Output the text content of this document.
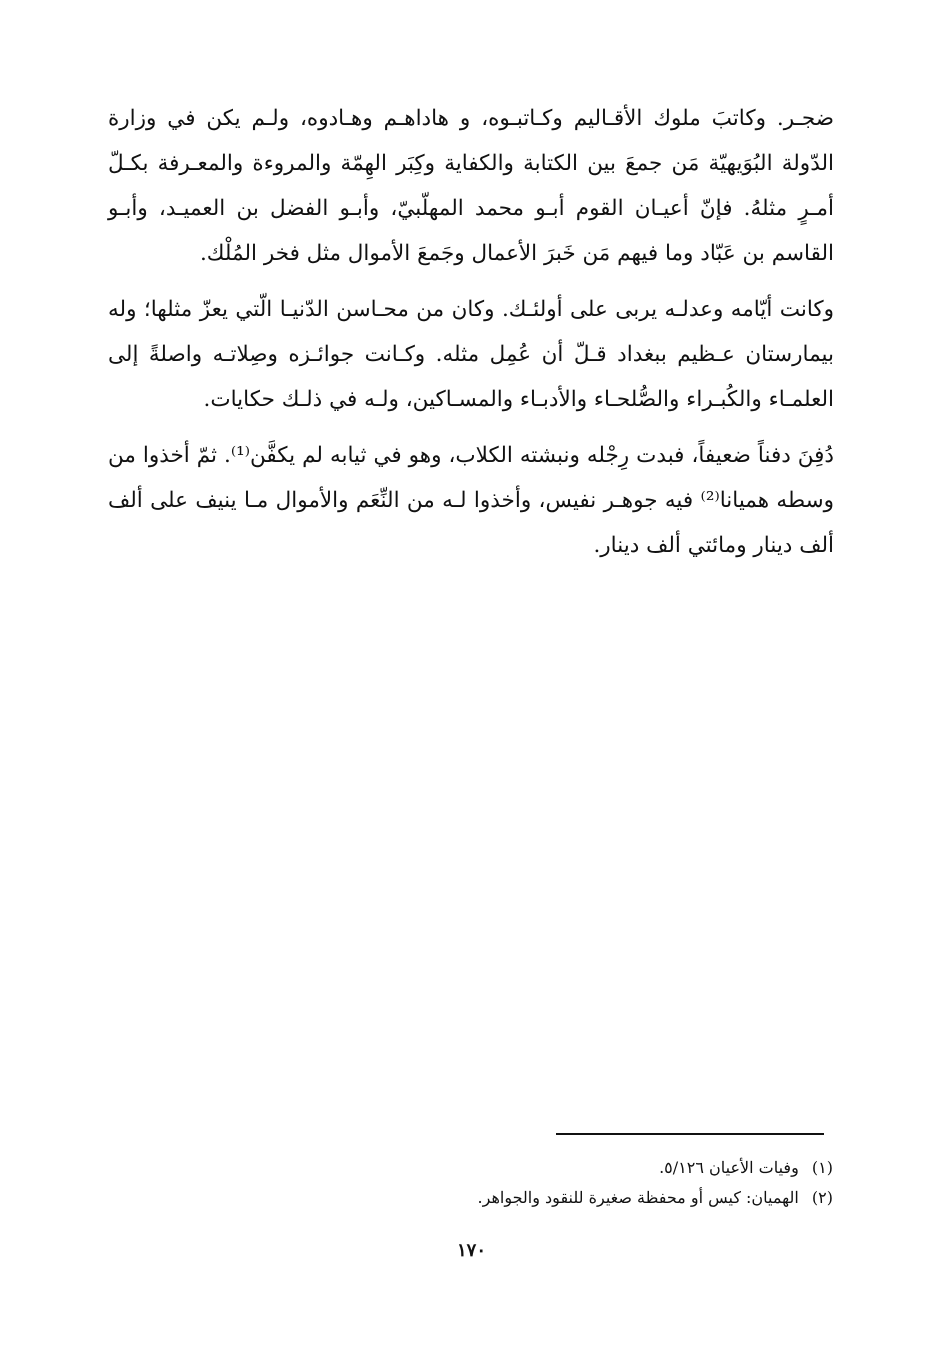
ضجـر. وكاتبَ ملوك الأقـاليم وكـاتبـوه، و هاداهـم وهـادوه، ولـم يكن في وزارة الدّولة البُوَيهيّة مَن جمعَ بين الكتابة والكفاية وكِبَر الهِمّة والمروءة والمعـرفة بكـلّ أمـرٍ مثلهُ. فإنّ أعيـان القوم أبـو محمد المهلّبيّ، وأبـو الفضل بن العميـد، وأبـو القاسم بن عَبّاد وما فيهم مَن خَبرَ الأعمال وجَمعَ الأموال مثل فخر المُلْك.

وكانت أيّامه وعدلـه يربى على أولئـك. وكان من محـاسن الدّنيـا الّتي يعزّ مثلها؛ وله بيمارستان عـظيم ببغداد قـلّ أن عُمِل مثله. وكـانت جوائـزه وصِلاتـه واصلةً إلى العلمـاء والكُبـراء والصُّلحـاء والأدبـاء والمسـاكين، ولـه في ذلـك حكايات.

دُفِنَ دفناً ضعيفاً، فبدت رِجْله ونبشته الكلاب، وهو في ثيابه لم يكفَّن⁽¹⁾. ثمّ أخذوا من وسطه هميانا⁽²⁾ فيه جوهـر نفيس، وأخذوا لـه من النِّعَم والأموال مـا ينيف على ألف ألف دينار ومائتي ألف دينار.

(١) وفيات الأعيان ٥/١٢٦.

(٢) الهميان: كيس أو محفظة صغيرة للنقود والجواهر.

١٧٠
